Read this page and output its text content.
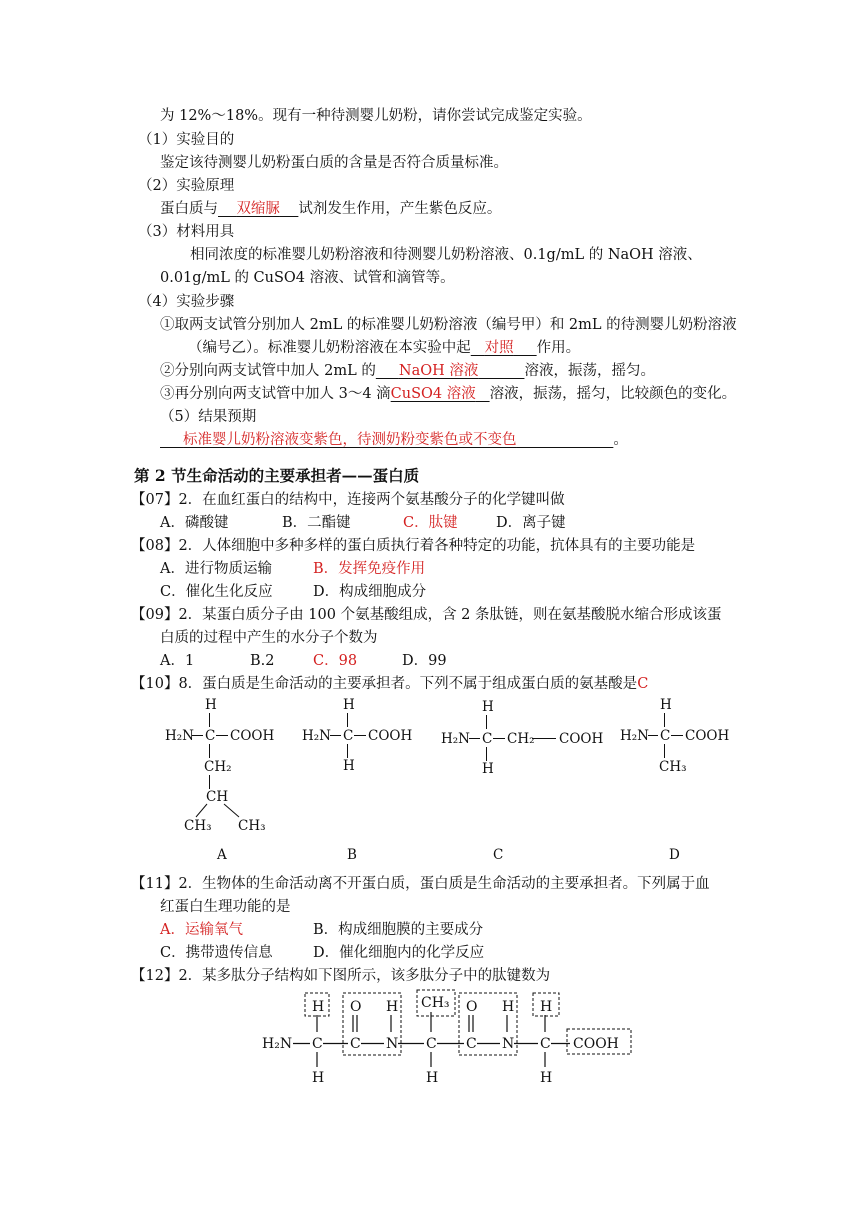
为 12%～18%。现有一种待测婴儿奶粉，请你尝试完成鉴定实验。
（1）实验目的
鉴定该待测婴儿奶粉蛋白质的含量是否符合质量标准。
（2）实验原理
蛋白质与 双缩脲 试剂发生作用，产生紫色反应。
（3）材料用具
相同浓度的标准婴儿奶粉溶液和待测婴儿奶粉溶液、0.1g/mL 的 NaOH 溶液、
0.01g/mL 的 CuSO4 溶液、试管和滴管等。
（4）实验步骤
①取两支试管分别加人 2mL 的标准婴儿奶粉溶液（编号甲）和 2mL 的待测婴儿奶粉溶液
（编号乙）。标准婴儿奶粉溶液在本实验中起 对照 作用。
②分别向两支试管中加人 2mL 的 NaOH 溶液	溶液，振荡，摇匀。
③再分别向两支试管中加人 3～4 滴CuSO4 溶液 溶液，振荡，摇匀，比较颜色的变化。
（5）结果预期
标准婴儿奶粉溶液变紫色，待测奶粉变紫色或不变色	。
第 2 节生命活动的主要承担者——蛋白质
【07】2．在血红蛋白的结构中，连接两个氨基酸分子的化学键叫做
A．磷酸键	B．二酯键	C．肽键	D．离子键
【08】2．人体细胞中多种多样的蛋白质执行着各种特定的功能，抗体具有的主要功能是
A．进行物质运输	B．发挥免疫作用
C．催化生化反应	D．构成细胞成分
【09】2．某蛋白质分子由 100 个氨基酸组成，含 2 条肽链，则在氨基酸脱水缩合形成该蛋
白质的过程中产生的水分子个数为
A．1	B.2	C．98	D．99
【10】8．蛋白质是生命活动的主要承担者。下列不属于组成蛋白质的氨基酸是C
H
H₂N C COOH
CH₂
CH
CH₃ CH₃
H
H₂N C COOH
H
H
H₂N C CH₂ COOH
H
H
H₂N C COOH
CH₃
A	B	C	D
【11】2．生物体的生命活动离不开蛋白质，蛋白质是生命活动的主要承担者。下列属于血
红蛋白生理功能的是
A．运输氧气	B．构成细胞膜的主要成分
C．携带遗传信息	D．催化细胞内的化学反应
【12】2．某多肽分子结构如下图所示，该多肽分子中的肽键数为
H O H CH₃ O H H
H₂N C C N C C N C COOH
H	H	H
